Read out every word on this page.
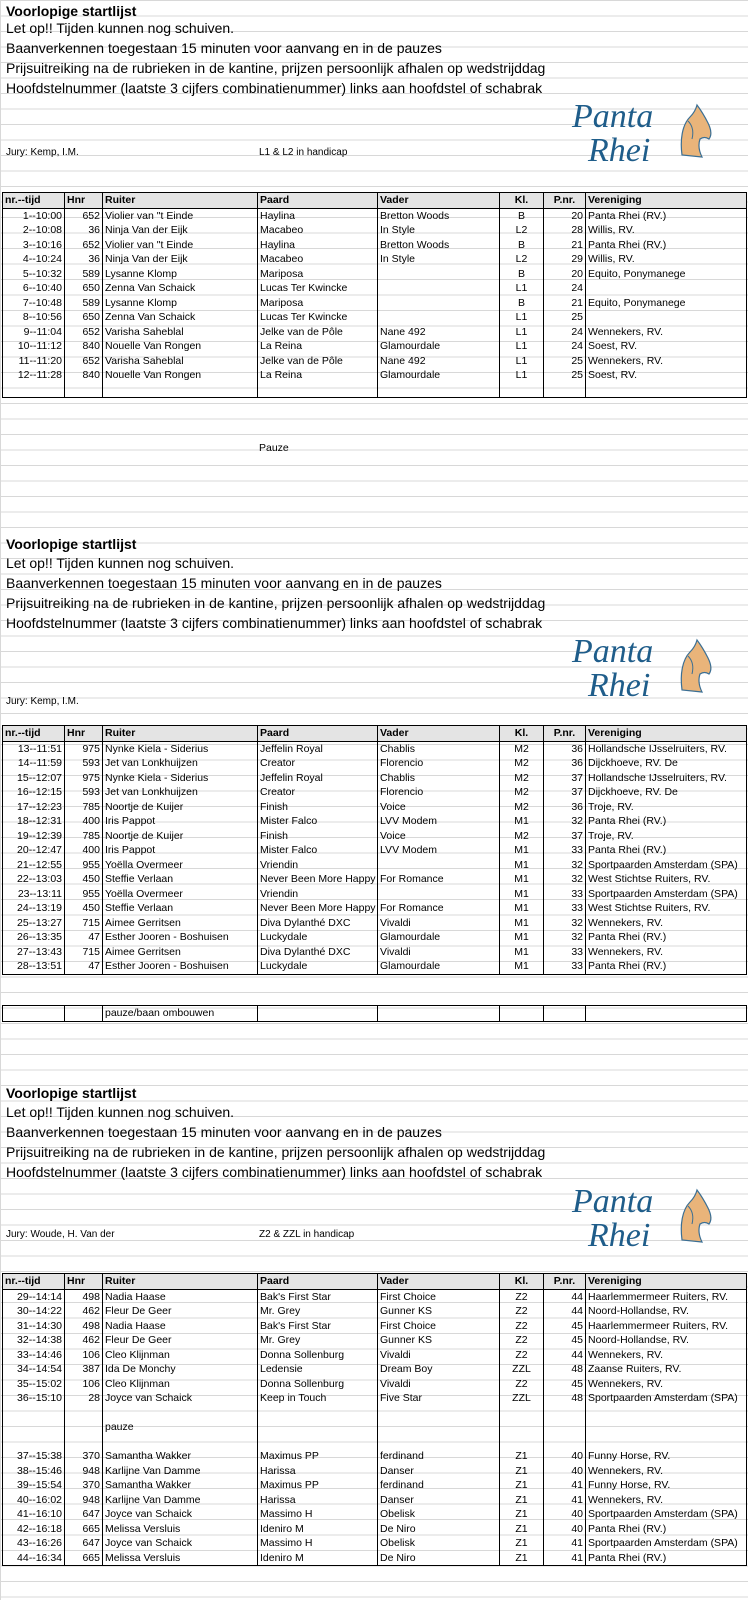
Voorlopige startlijst
Let op!! Tijden kunnen nog schuiven.
Baanverkennen toegestaan 15 minuten voor aanvang en in de pauzes
Prijsuitreiking na de rubrieken in de kantine, prijzen persoonlijk afhalen op wedstrijddag
Hoofdstelnummer (laatste 3 cijfers combinatienummer) links aan hoofdstel of schabrak
Panta
Rhei
Jury: Kemp, I.M.	L1 & L2 in handicap
nr.--tijd	Hnr	Ruiter	Paard	Vader	Kl.	P.nr.	Vereniging
1--10:00	652	Violier van "t Einde	Haylina	Bretton Woods	B	20	Panta Rhei (RV.)
2--10:08	36	Ninja Van der Eijk	Macabeo	In Style	L2	28	Willis, RV.
3--10:16	652	Violier van "t Einde	Haylina	Bretton Woods	B	21	Panta Rhei (RV.)
4--10:24	36	Ninja Van der Eijk	Macabeo	In Style	L2	29	Willis, RV.
5--10:32	589	Lysanne Klomp	Mariposa		B	20	Equito, Ponymanege
6--10:40	650	Zenna Van Schaick	Lucas Ter Kwincke		L1	24	
7--10:48	589	Lysanne Klomp	Mariposa		B	21	Equito, Ponymanege
8--10:56	650	Zenna Van Schaick	Lucas Ter Kwincke		L1	25	
9--11:04	652	Varisha Saheblal	Jelke van de Pôle	Nane 492	L1	24	Wennekers, RV.
10--11:12	840	Nouelle Van Rongen	La Reina	Glamourdale	L1	24	Soest, RV.
11--11:20	652	Varisha Saheblal	Jelke van de Pôle	Nane 492	L1	25	Wennekers, RV.
12--11:28	840	Nouelle Van Rongen	La Reina	Glamourdale	L1	25	Soest, RV.

Pauze
Voorlopige startlijst
Let op!! Tijden kunnen nog schuiven.
Baanverkennen toegestaan 15 minuten voor aanvang en in de pauzes
Prijsuitreiking na de rubrieken in de kantine, prijzen persoonlijk afhalen op wedstrijddag
Hoofdstelnummer (laatste 3 cijfers combinatienummer) links aan hoofdstel of schabrak
Panta
Rhei
Jury: Kemp, I.M.
nr.--tijd	Hnr	Ruiter	Paard	Vader	Kl.	P.nr.	Vereniging
13--11:51	975	Nynke Kiela - Siderius	Jeffelin Royal	Chablis	M2	36	Hollandsche IJsselruiters, RV.
14--11:59	593	Jet van Lonkhuijzen	Creator	Florencio	M2	36	Dijckhoeve, RV. De
15--12:07	975	Nynke Kiela - Siderius	Jeffelin Royal	Chablis	M2	37	Hollandsche IJsselruiters, RV.
16--12:15	593	Jet van Lonkhuijzen	Creator	Florencio	M2	37	Dijckhoeve, RV. De
17--12:23	785	Noortje de Kuijer	Finish	Voice	M2	36	Troje, RV.
18--12:31	400	Iris Pappot	Mister Falco	LVV Modem	M1	32	Panta Rhei (RV.)
19--12:39	785	Noortje de Kuijer	Finish	Voice	M2	37	Troje, RV.
20--12:47	400	Iris Pappot	Mister Falco	LVV Modem	M1	33	Panta Rhei (RV.)
21--12:55	955	Yoëlla Overmeer	Vriendin		M1	32	Sportpaarden Amsterdam (SPA)
22--13:03	450	Steffie Verlaan	Never Been More Happy	For Romance	M1	32	West Stichtse Ruiters, RV.
23--13:11	955	Yoëlla Overmeer	Vriendin		M1	33	Sportpaarden Amsterdam (SPA)
24--13:19	450	Steffie Verlaan	Never Been More Happy	For Romance	M1	33	West Stichtse Ruiters, RV.
25--13:27	715	Aimee Gerritsen	Diva Dylanthé DXC	Vivaldi	M1	32	Wennekers, RV.
26--13:35	47	Esther Jooren - Boshuisen	Luckydale	Glamourdale	M1	32	Panta Rhei (RV.)
27--13:43	715	Aimee Gerritsen	Diva Dylanthé DXC	Vivaldi	M1	33	Wennekers, RV.
28--13:51	47	Esther Jooren - Boshuisen	Luckydale	Glamourdale	M1	33	Panta Rhei (RV.)
		pauze/baan ombouwen					
Voorlopige startlijst
Let op!! Tijden kunnen nog schuiven.
Baanverkennen toegestaan 15 minuten voor aanvang en in de pauzes
Prijsuitreiking na de rubrieken in de kantine, prijzen persoonlijk afhalen op wedstrijddag
Hoofdstelnummer (laatste 3 cijfers combinatienummer) links aan hoofdstel of schabrak
Panta
Rhei
Jury: Woude, H. Van der	Z2 & ZZL in handicap
nr.--tijd	Hnr	Ruiter	Paard	Vader	Kl.	P.nr.	Vereniging
29--14:14	498	Nadia Haase	Bak's First Star	First Choice	Z2	44	Haarlemmermeer Ruiters, RV.
30--14:22	462	Fleur De Geer	Mr. Grey	Gunner KS	Z2	44	Noord-Hollandse, RV.
31--14:30	498	Nadia Haase	Bak's First Star	First Choice	Z2	45	Haarlemmermeer Ruiters, RV.
32--14:38	462	Fleur De Geer	Mr. Grey	Gunner KS	Z2	45	Noord-Hollandse, RV.
33--14:46	106	Cleo Klijnman	Donna Sollenburg	Vivaldi	Z2	44	Wennekers, RV.
34--14:54	387	Ida De Monchy	Ledensie	Dream Boy	ZZL	48	Zaanse Ruiters, RV.
35--15:02	106	Cleo Klijnman	Donna Sollenburg	Vivaldi	Z2	45	Wennekers, RV.
36--15:10	28	Joyce van Schaick	Keep in Touch	Five Star	ZZL	48	Sportpaarden Amsterdam (SPA)

		pauze					

37--15:38	370	Samantha Wakker	Maximus PP	ferdinand	Z1	40	Funny Horse, RV.
38--15:46	948	Karlijne Van Damme	Harissa	Danser	Z1	40	Wennekers, RV.
39--15:54	370	Samantha Wakker	Maximus PP	ferdinand	Z1	41	Funny Horse, RV.
40--16:02	948	Karlijne Van Damme	Harissa	Danser	Z1	41	Wennekers, RV.
41--16:10	647	Joyce van Schaick	Massimo H	Obelisk	Z1	40	Sportpaarden Amsterdam (SPA)
42--16:18	665	Melissa Versluis	Ideniro M	De Niro	Z1	40	Panta Rhei (RV.)
43--16:26	647	Joyce van Schaick	Massimo H	Obelisk	Z1	41	Sportpaarden Amsterdam (SPA)
44--16:34	665	Melissa Versluis	Ideniro M	De Niro	Z1	41	Panta Rhei (RV.)
